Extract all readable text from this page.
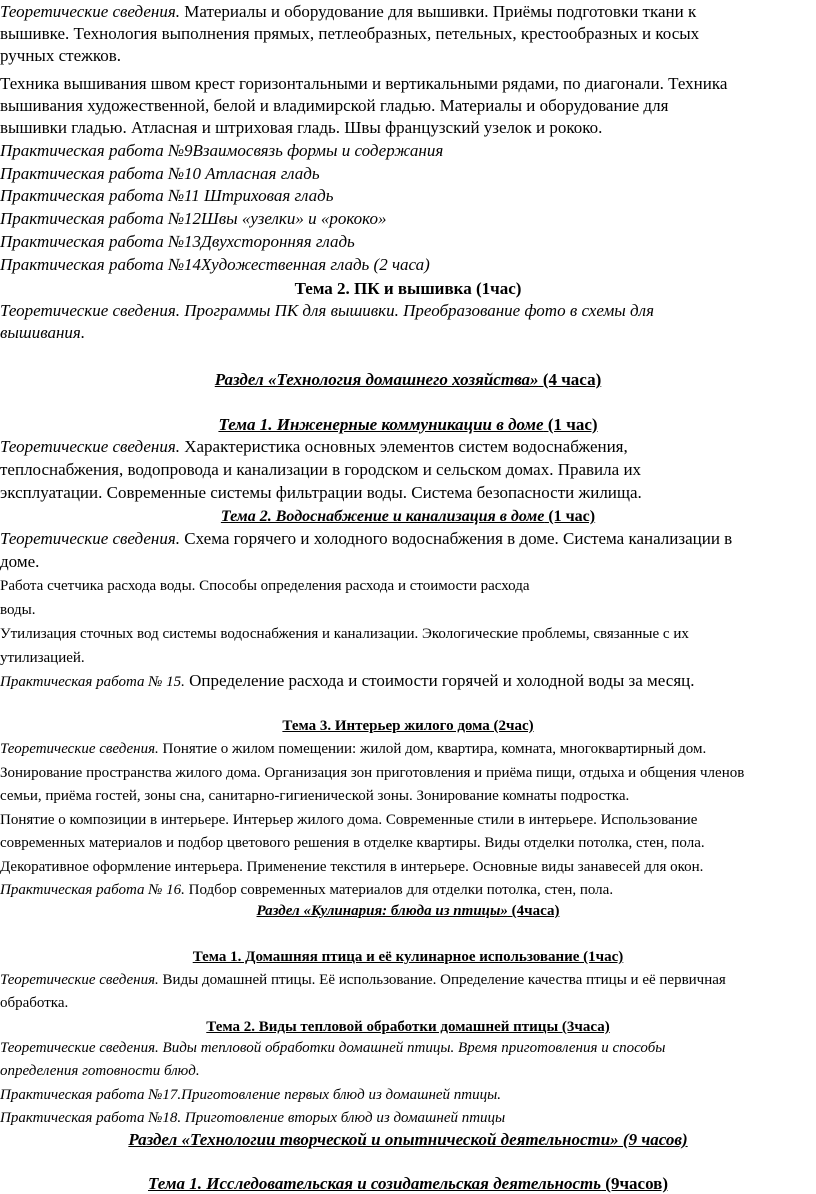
Теоретические сведения. Материалы и оборудование для вышивки. Приёмы подготовки ткани к

вышивке. Технология выполнения прямых, петлеобразных, петельных, крестообразных и косых

ручных стежков.

Техника вышивания швом крест горизонтальными и вертикальными рядами, по диагонали. Техника

вышивания художественной, белой и владимирской гладью. Материалы и оборудование для

вышивки гладью. Атласная и штриховая гладь. Швы французский узелок и рококо.

Практическая работа №9Взаимосвязь формы и содержания

Практическая работа №10 Атласная гладь

Практическая работа №11 Штриховая гладь

Практическая работа №12Швы «узелки» и «рококо»

Практическая работа №13Двухсторонняя гладь

Практическая работа №14Художественная гладь (2 часа)

Тема 2. ПК и вышивка (1час)

Теоретические сведения. Программы ПК для вышивки. Преобразование фото в схемы для

вышивания.

Раздел «Технология домашнего хозяйства» (4 часа)

Тема 1. Инженерные коммуникации в доме (1 час)

Теоретические сведения. Характеристика основных элементов систем водоснабжения,

теплоснабжения, водопровода и канализации в городском и сельском домах. Правила их

эксплуатации. Современные системы фильтрации воды. Система безопасности жилища.

Тема 2. Водоснабжение и канализация в доме (1 час)

Теоретические сведения. Схема горячего и холодного водоснабжения в доме. Система канализации в

доме.

Работа счетчика расхода воды. Способы определения расхода и стоимости расхода

воды.

Утилизация сточных вод системы водоснабжения и канализации. Экологические проблемы, связанные с их

утилизацией.

Практическая работа № 15. Определение расхода и стоимости горячей и холодной воды за месяц.

Тема 3. Интерьер жилого дома (2час)

Теоретические сведения. Понятие о жилом помещении: жилой дом, квартира, комната, многоквартирный дом.

Зонирование пространства жилого дома. Организация зон приготовления и приёма пищи, отдыха и общения членов

семьи, приёма гостей, зоны сна, санитарно-гигиенической зоны. Зонирование комнаты подростка.

Понятие о композиции в интерьере. Интерьер жилого дома. Современные стили в интерьере. Использование

современных материалов и подбор цветового решения в отделке квартиры. Виды отделки потолка, стен, пола.

Декоративное оформление интерьера. Применение текстиля в интерьере. Основные виды занавесей для окон.

Практическая работа № 16. Подбор современных материалов для отделки потолка, стен, пола.

Раздел «Кулинария: блюда из птицы» (4часа)

Тема 1. Домашняя птица и её кулинарное использование (1час)

Теоретические сведения. Виды домашней птицы. Её использование. Определение качества птицы и её первичная

обработка.

Тема 2. Виды тепловой обработки домашней птицы (3часа)

Теоретические сведения. Виды тепловой обработки домашней птицы. Время приготовления и способы

определения готовности блюд.

Практическая работа №17.Приготовление первых блюд из домашней птицы.

Практическая работа №18. Приготовление вторых блюд из домашней птицы

Раздел «Технологии творческой и опытнической деятельности» (9 часов)

Тема 1. Исследовательская и созидательская деятельность (9часов)
